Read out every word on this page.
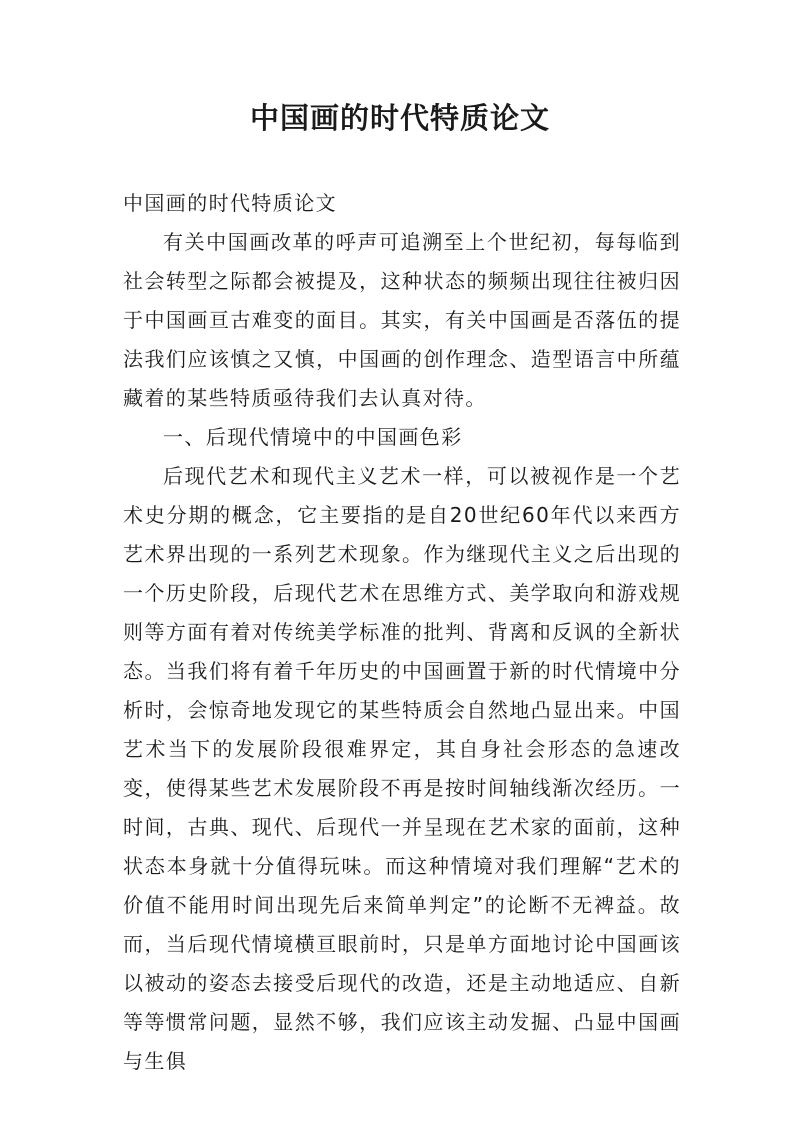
中国画的时代特质论文

中国画的时代特质论文

有关中国画改革的呼声可追溯至上个世纪初，每每临到社会转型之际都会被提及，这种状态的频频出现往往被归因于中国画亘古难变的面目。其实，有关中国画是否落伍的提法我们应该慎之又慎，中国画的创作理念、造型语言中所蕴藏着的某些特质亟待我们去认真对待。

一、后现代情境中的中国画色彩

后现代艺术和现代主义艺术一样，可以被视作是一个艺术史分期的概念，它主要指的是自20世纪60年代以来西方艺术界出现的一系列艺术现象。作为继现代主义之后出现的一个历史阶段，后现代艺术在思维方式、美学取向和游戏规则等方面有着对传统美学标准的批判、背离和反讽的全新状态。当我们将有着千年历史的中国画置于新的时代情境中分析时，会惊奇地发现它的某些特质会自然地凸显出来。中国艺术当下的发展阶段很难界定，其自身社会形态的急速改变，使得某些艺术发展阶段不再是按时间轴线渐次经历。一时间，古典、现代、后现代一并呈现在艺术家的面前，这种状态本身就十分值得玩味。而这种情境对我们理解“艺术的价值不能用时间出现先后来简单判定”的论断不无裨益。故而，当后现代情境横亘眼前时，只是单方面地讨论中国画该以被动的姿态去接受后现代的改造，还是主动地适应、自新等等惯常问题，显然不够，我们应该主动发掘、凸显中国画与生俱
